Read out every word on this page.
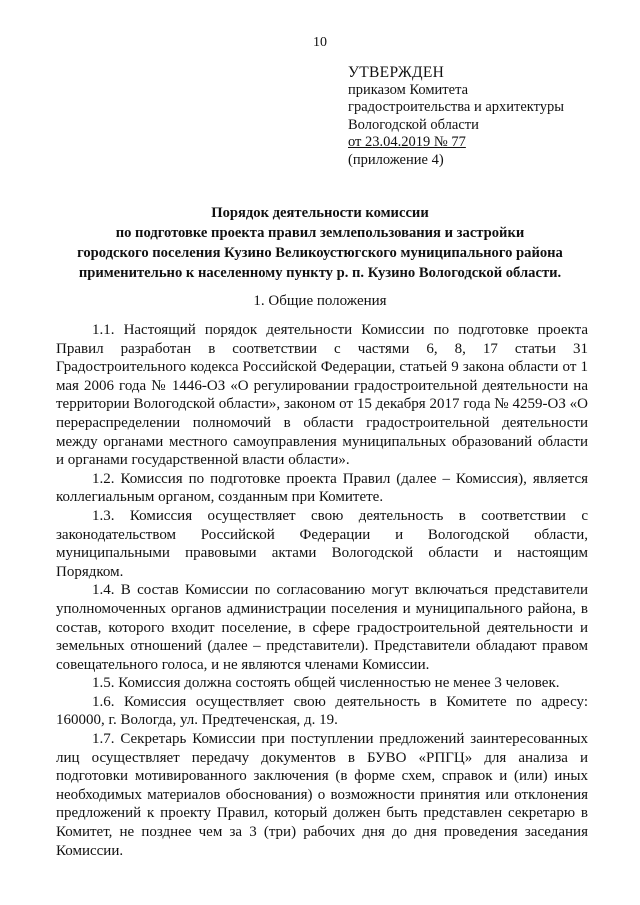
10
УТВЕРЖДЕН
приказом Комитета
градостроительства и архитектуры
Вологодской области
от 23.04.2019 № 77
(приложение 4)
Порядок деятельности комиссии
по подготовке проекта правил землепользования и застройки
городского поселения Кузино Великоустюгского муниципального района
применительно к населенному пункту р. п. Кузино Вологодской области.
1. Общие положения

1.1. Настоящий порядок деятельности Комиссии по подготовке проекта Правил разработан в соответствии с частями 6, 8, 17 статьи 31 Градостроительного кодекса Российской Федерации, статьей 9 закона области от 1 мая 2006 года № 1446-ОЗ «О регулировании градостроительной деятельности на территории Вологодской области», законом от 15 декабря 2017 года № 4259-ОЗ «О перераспределении полномочий в области градостроительной деятельности между органами местного самоуправления муниципальных образований области и органами государственной власти области».

1.2. Комиссия по подготовке проекта Правил (далее – Комиссия), является коллегиальным органом, созданным при Комитете.

1.3. Комиссия осуществляет свою деятельность в соответствии с законодательством Российской Федерации и Вологодской области, муниципальными правовыми актами Вологодской области и настоящим Порядком.

1.4. В состав Комиссии по согласованию могут включаться представители уполномоченных органов администрации поселения и муниципального района, в состав, которого входит поселение, в сфере градостроительной деятельности и земельных отношений (далее – представители). Представители обладают правом совещательного голоса, и не являются членами Комиссии.

1.5. Комиссия должна состоять общей численностью не менее 3 человек.

1.6. Комиссия осуществляет свою деятельность в Комитете по адресу: 160000, г. Вологда, ул. Предтеченская, д. 19.

1.7. Секретарь Комиссии при поступлении предложений заинтересованных лиц осуществляет передачу документов в БУВО «РПГЦ» для анализа и подготовки мотивированного заключения (в форме схем, справок и (или) иных необходимых материалов обоснования) о возможности принятия или отклонения предложений к проекту Правил, который должен быть представлен секретарю в Комитет, не позднее чем за 3 (три) рабочих дня до дня проведения заседания Комиссии.
